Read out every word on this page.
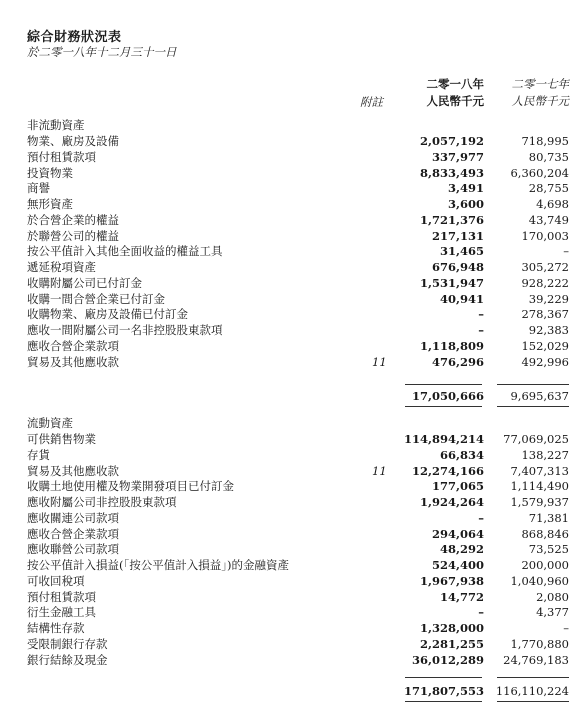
綜合財務狀況表
於二零一八年十二月三十一日
二零一八年
人民幣千元
二零一七年
人民幣千元
附註
非流動資產
物業、廠房及設備	2,057,192	718,995
預付租賃款項	337,977	80,735
投資物業	8,833,493 6,360,204
商譽	3,491	28,755
無形資產	3,600	4,698
於合營企業的權益	1,721,376	43,749
於聯營公司的權益	217,131	170,003
按公平值計入其他全面收益的權益工具	31,465	–
遞延稅項資產	676,948	305,272
收購附屬公司已付訂金	1,531,947	928,222
收購一間合營企業已付訂金	40,941	39,229
收購物業、廠房及設備已付訂金	–	278,367
應收一間附屬公司一名非控股股東款項	–	92,383
應收合營企業款項	1,118,809	152,029
貿易及其他應收款	11	476,296	492,996
17,050,666 9,695,637
流動資產
可供銷售物業	114,894,214 77,069,025
存貨	66,834	138,227
貿易及其他應收款	11 12,274,166 7,407,313
收購土地使用權及物業開發項目已付訂金	177,065 1,114,490
應收附屬公司非控股股東款項	1,924,264 1,579,937
應收關連公司款項	–	71,381
應收合營企業款項	294,064	868,846
應收聯營公司款項	48,292	73,525
按公平值計入損益(「按公平值計入損益」)的金融資產	524,400	200,000
可收回稅項	1,967,938 1,040,960
預付租賃款項	14,772	2,080
衍生金融工具	–	4,377
結構性存款	1,328,000	–
受限制銀行存款	2,281,255 1,770,880
銀行結餘及現金	36,012,289 24,769,183
171,807,553 116,110,224
